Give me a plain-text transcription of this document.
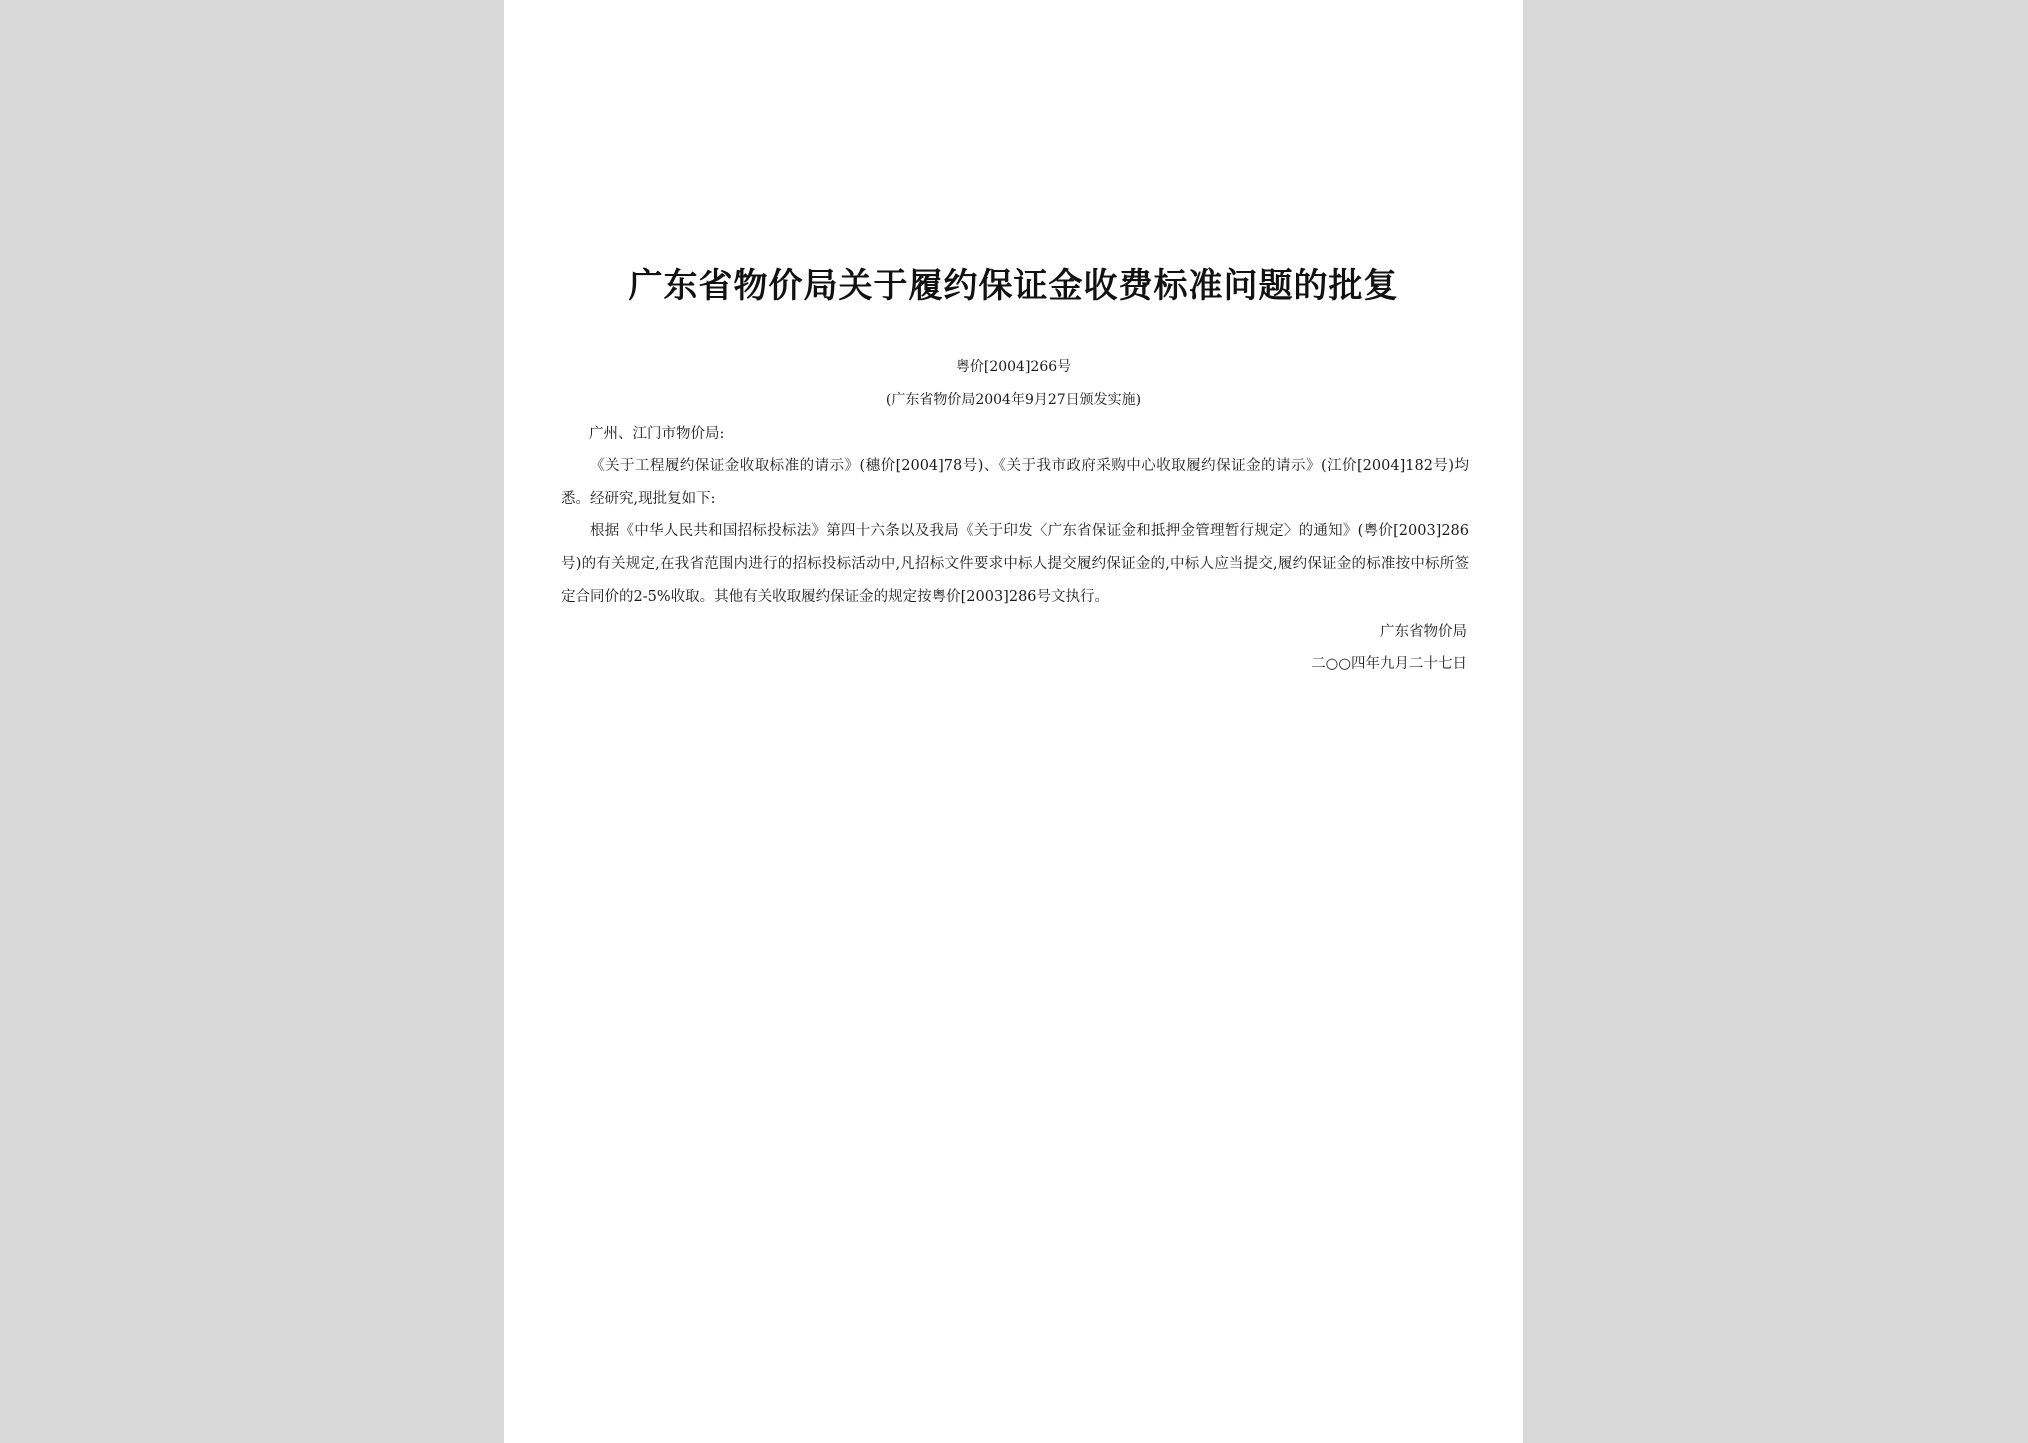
广东省物价局关于履约保证金收费标准问题的批复
粤价[2004]266号
(广东省物价局2004年9月27日颁发实施)
广州、江门市物价局:
《关于工程履约保证金收取标准的请示》(穗价[2004]78号)、《关于我市政府采购中心收取履约保证金的请示》(江价[2004]182号)均悉。经研究,现批复如下:
根据《中华人民共和国招标投标法》第四十六条以及我局《关于印发〈广东省保证金和抵押金管理暂行规定〉的通知》(粤价[2003]286号)的有关规定,在我省范围内进行的招标投标活动中,凡招标文件要求中标人提交履约保证金的,中标人应当提交,履约保证金的标准按中标所签定合同价的2-5%收取。其他有关收取履约保证金的规定按粤价[2003]286号文执行。
广东省物价局
二○○四年九月二十七日
